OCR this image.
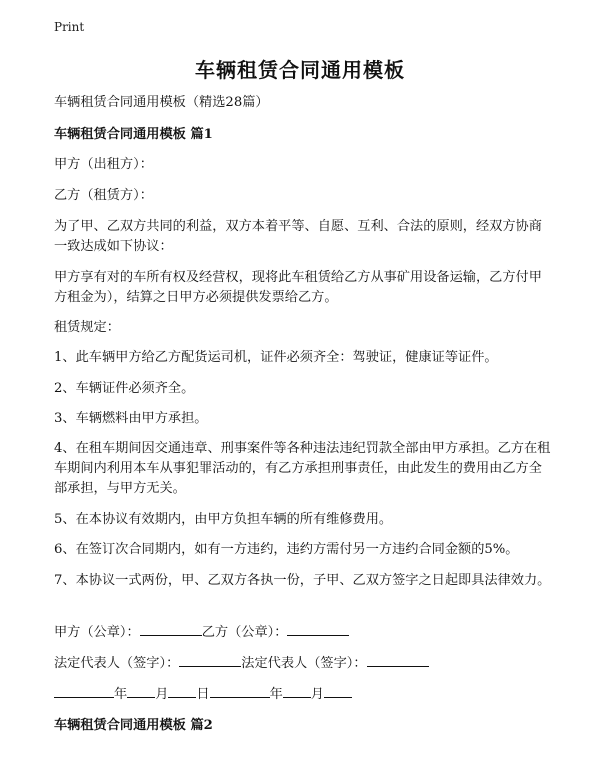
Print
车辆租赁合同通用模板
车辆租赁合同通用模板（精选28篇）
车辆租赁合同通用模板 篇1
甲方（出租方）：
乙方（租赁方）：
为了甲、乙双方共同的利益，双方本着平等、自愿、互利、合法的原则，经双方协商一致达成如下协议：
甲方享有对的车所有权及经营权，现将此车租赁给乙方从事矿用设备运输，乙方付甲方租金为），结算之日甲方必须提供发票给乙方。
租赁规定：
1、此车辆甲方给乙方配货运司机，证件必须齐全：驾驶证，健康证等证件。
2、车辆证件必须齐全。
3、车辆燃料由甲方承担。
4、在租车期间因交通违章、刑事案件等各种违法违纪罚款全部由甲方承担。乙方在租车期间内利用本车从事犯罪活动的，有乙方承担刑事责任，由此发生的费用由乙方全部承担，与甲方无关。
5、在本协议有效期内，由甲方负担车辆的所有维修费用。
6、在签订次合同期内，如有一方违约，违约方需付另一方违约合同金额的5%。
7、本协议一式两份，甲、乙双方各执一份，子甲、乙双方签字之日起即具法律效力。
甲方（公章）：	乙方（公章）：
法定代表人（签字）：	法定代表人（签字）：
年 月 日	年 月
车辆租赁合同通用模板 篇2
